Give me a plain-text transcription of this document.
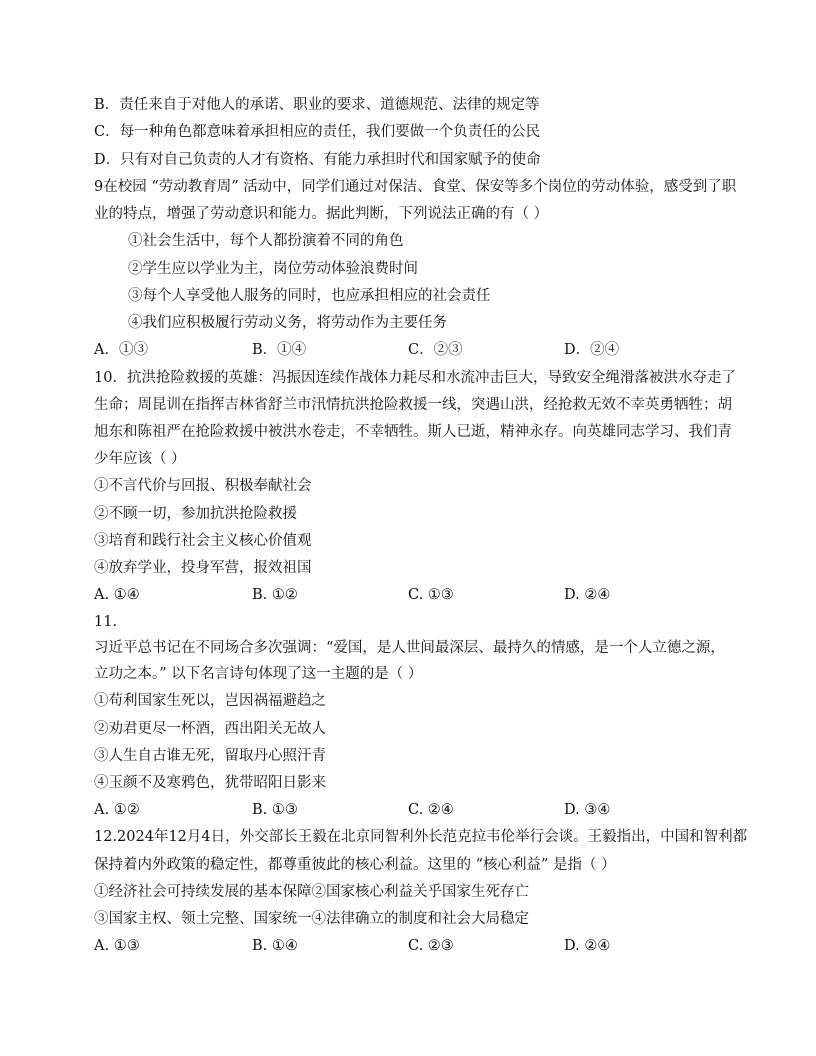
B．责任来自于对他人的承诺、职业的要求、道德规范、法律的规定等
C．每一种角色都意味着承担相应的责任，我们要做一个负责任的公民
D．只有对自己负责的人才有资格、有能力承担时代和国家赋予的使命
9在校园 “劳动教育周” 活动中，同学们通过对保洁、食堂、保安等多个岗位的劳动体验，感受到了职
业的特点，增强了劳动意识和能力。据此判断，下列说法正确的有（ ）
①社会生活中，每个人都扮演着不同的角色
②学生应以学业为主，岗位劳动体验浪费时间
③每个人享受他人服务的同时，也应承担相应的社会责任
④我们应积极履行劳动义务，将劳动作为主要任务
A．①③	B．①④	C．②③	D．②④
10．抗洪抢险救援的英雄：冯振因连续作战体力耗尽和水流冲击巨大，导致安全绳滑落被洪水夺走了
生命；周昆训在指挥吉林省舒兰市汛情抗洪抢险救援一线，突遇山洪，经抢救无效不幸英勇牺牲；胡
旭东和陈祖严在抢险救援中被洪水卷走，不幸牺牲。斯人已逝，精神永存。向英雄同志学习、我们青
少年应该（ ）
①不言代价与回报、积极奉献社会
②不顾一切，参加抗洪抢险救援
③培育和践行社会主义核心价值观
④放弃学业，投身军营，报效祖国
A. ①④	B. ①②	C. ①③	D. ②④
11.
习近平总书记在不同场合多次强调：“爱国，是人世间最深层、最持久的情感，是一个人立德之源，
立功之本。” 以下名言诗句体现了这一主题的是（ ）
①苟利国家生死以，岂因祸福避趋之
②劝君更尽一杯酒，西出阳关无故人
③人生自古谁无死，留取丹心照汗青
④玉颜不及寒鸦色，犹带昭阳日影来
A. ①②	B. ①③	C. ②④	D. ③④
12.2024年12月4日，外交部长王毅在北京同智利外长范克拉韦伦举行会谈。王毅指出，中国和智利都
保持着内外政策的稳定性，都尊重彼此的核心利益。这里的 “核心利益” 是指（ ）
①经济社会可持续发展的基本保障②国家核心利益关乎国家生死存亡
③国家主权、领土完整、国家统一④法律确立的制度和社会大局稳定
A. ①③	B. ①④	C. ②③	D. ②④
